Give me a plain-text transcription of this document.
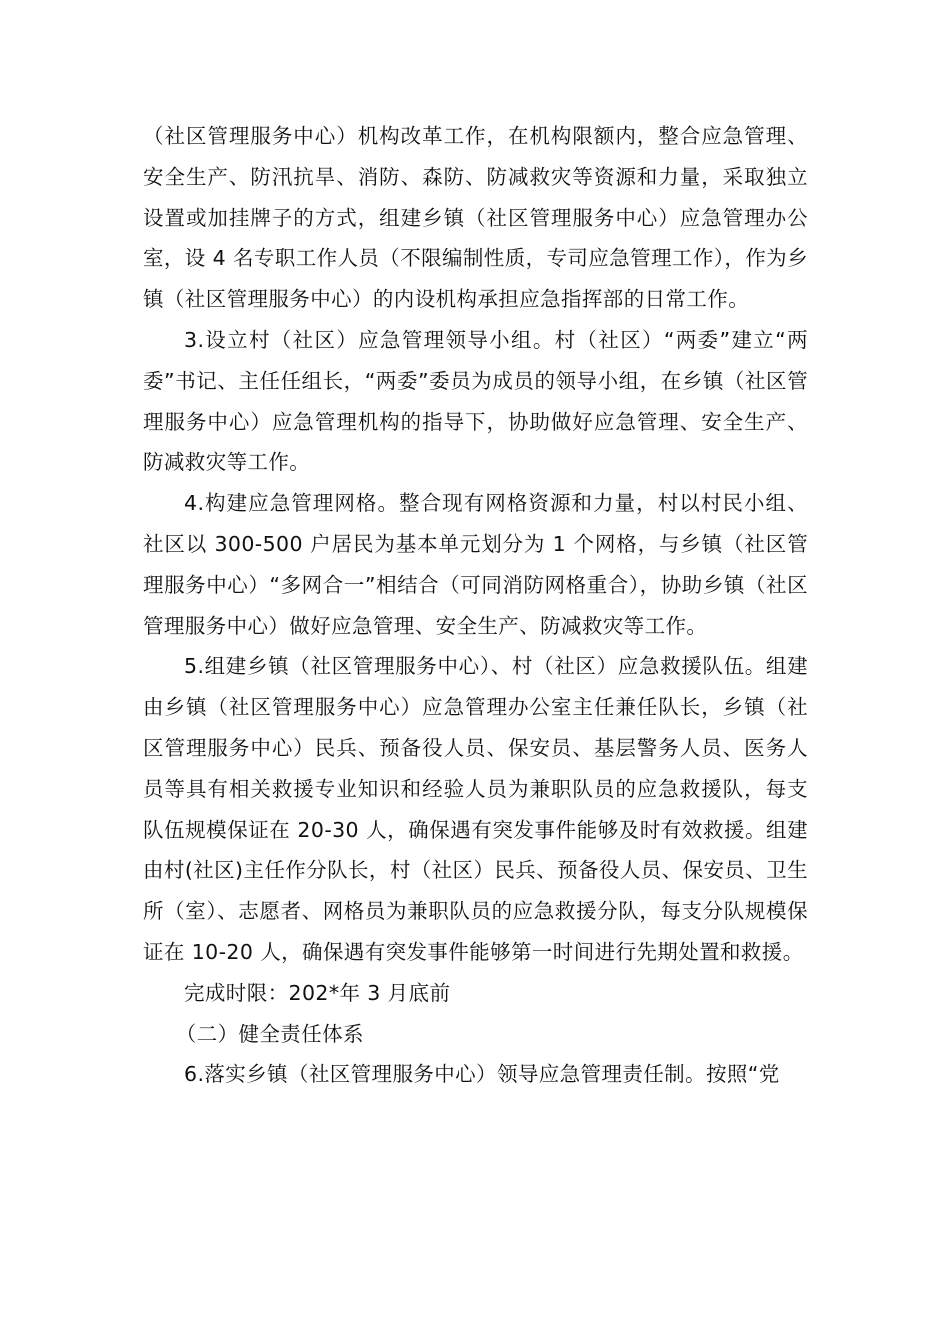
（社区管理服务中心）机构改革工作，在机构限额内，整合应急管理、安全生产、防汛抗旱、消防、森防、防减救灾等资源和力量，采取独立设置或加挂牌子的方式，组建乡镇（社区管理服务中心）应急管理办公室，设 4 名专职工作人员（不限编制性质，专司应急管理工作），作为乡镇（社区管理服务中心）的内设机构承担应急指挥部的日常工作。

3.设立村（社区）应急管理领导小组。村（社区）“两委”建立“两委”书记、主任任组长，“两委”委员为成员的领导小组，在乡镇（社区管理服务中心）应急管理机构的指导下，协助做好应急管理、安全生产、防减救灾等工作。

4.构建应急管理网格。整合现有网格资源和力量，村以村民小组、社区以 300-500 户居民为基本单元划分为 1 个网格，与乡镇（社区管理服务中心）“多网合一”相结合（可同消防网格重合），协助乡镇（社区管理服务中心）做好应急管理、安全生产、防减救灾等工作。

5.组建乡镇（社区管理服务中心）、村（社区）应急救援队伍。组建由乡镇（社区管理服务中心）应急管理办公室主任兼任队长，乡镇（社区管理服务中心）民兵、预备役人员、保安员、基层警务人员、医务人员等具有相关救援专业知识和经验人员为兼职队员的应急救援队，每支队伍规模保证在 20-30 人，确保遇有突发事件能够及时有效救援。组建由村(社区)主任作分队长，村（社区）民兵、预备役人员、保安员、卫生所（室）、志愿者、网格员为兼职队员的应急救援分队，每支分队规模保证在 10-20 人，确保遇有突发事件能够第一时间进行先期处置和救援。

完成时限：202*年 3 月底前

（二）健全责任体系

6.落实乡镇（社区管理服务中心）领导应急管理责任制。按照“党
